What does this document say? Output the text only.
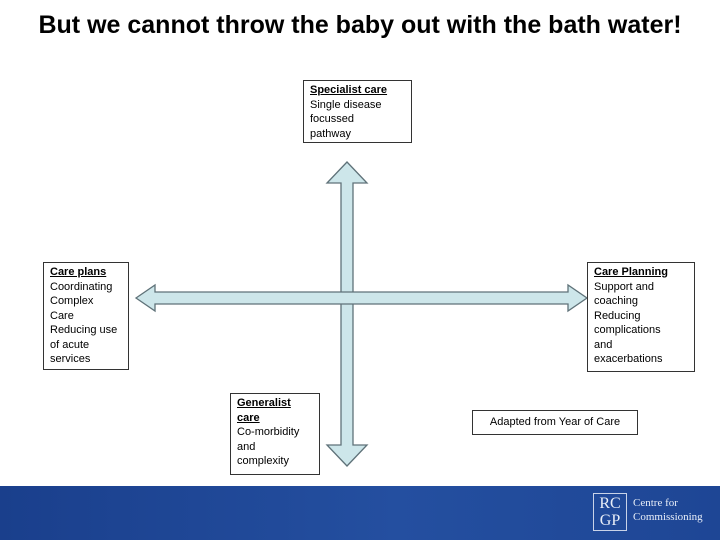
But we cannot throw the baby out with the bath water!
Specialist care
Single disease
focussed
pathway
Care plans
Coordinating
Complex
Care
Reducing use
of acute
services
Care Planning
Support and
coaching
Reducing
complications
and
exacerbations
Generalist
care
Co-morbidity
and
complexity
Adapted from Year of Care
RC
GP
Centre for
Commissioning
